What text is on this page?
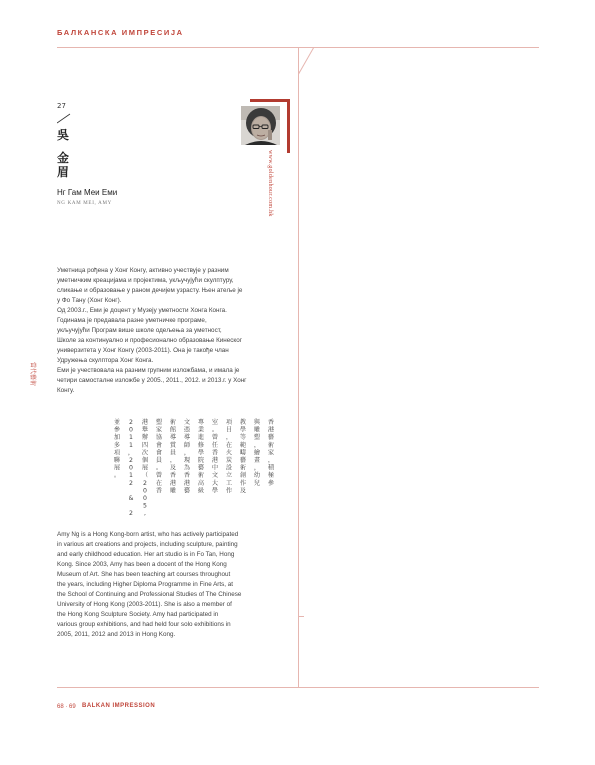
БАЛКАНСКА ИМПРЕСИЈА
27
吳
金
眉
Нг Гам Меи Еми
NG KAM MEI, AMY	www.goldenhour.com.hk
當代藝術
Уметница рођена у Хонг Конгу, активно учествује у разним
уметничким креацијама и пројектима, укључујући скулптуру,
сликање и образовање у раном дечијем узрасту. Њен атеље је
у Фо Тану (Хонг Конг).
Од 2003.г., Еми је доцент у Музеју уметности Хонга Конга.
Годинама је предавала разне уметничке програме,
укључујући Програм више школе одељења за уметност,
Школе за континуално и професионално образовање Кинеског
универзитета у Хонг Конгу (2003-2011). Она је такође члан
Удружења скулптора Хонг Конга.
Еми је учествовала на разним групним изложбама, и имала је
четири самосталне изложбе у 2005., 2011., 2012. и 2013.г. у Хонг
Конгу.
香港藝術家，積極參
與雕塑，繪畫，幼兒
教學等範疇藝術創作及
項目，在火炭設立工作
室。曾任香港中文大學
專業進修學院藝術高級
文憑導師，現為香港藝
術館導賞員，及香港雕
塑家協會會員。曾在香
港舉辦四次個展（ 2 0 0 5 ,
2 0 1 1 ， 2 0 1 2 & 2
並參加多項聯展。
Amy Ng is a Hong Kong-born artist, who has actively participated
in various art creations and projects, including sculpture, painting
and early childhood education. Her art studio is in Fo Tan, Hong
Kong. Since 2003, Amy has been a docent of the Hong Kong
Museum of Art. She has been teaching art courses throughout
the years, including Higher Diploma Programme in Fine Arts, at
the School of Continuing and Professional Studies of The Chinese
University of Hong Kong (2003-2011). She is also a member of
the Hong Kong Sculpture Society. Amy had participated in
various group exhibitions, and had held four solo exhibitions in
2005, 2011, 2012 and 2013 in Hong Kong.
68 · 69 BALKAN IMPRESSION
